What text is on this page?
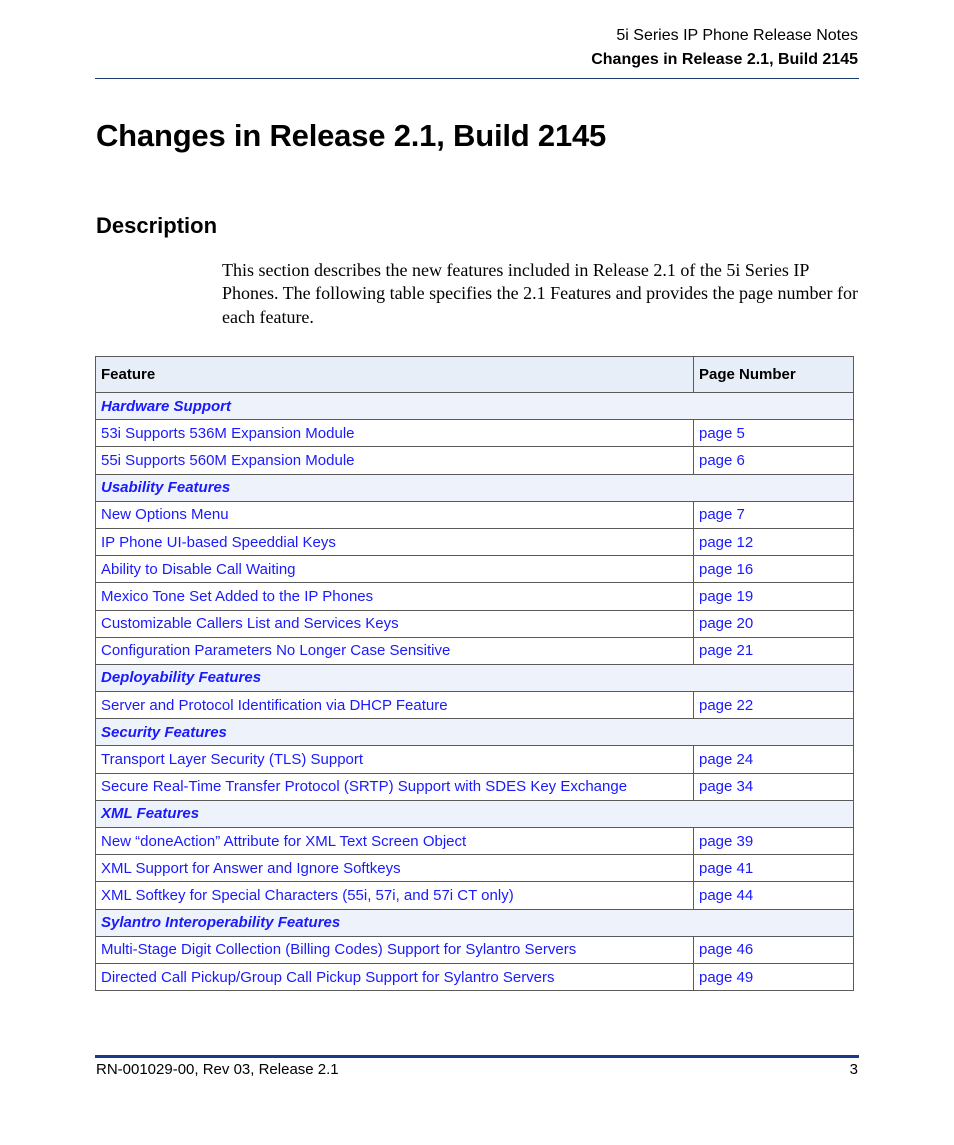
5i Series IP Phone Release Notes
Changes in Release 2.1, Build 2145
Changes in Release 2.1, Build 2145
Description

This section describes the new features included in Release 2.1 of the 5i Series IP Phones. The following table specifies the 2.1 Features and provides the page number for each feature.

Feature	Page Number
Hardware Support	
53i Supports 536M Expansion Module	page 5
55i Supports 560M Expansion Module	page 6
Usability Features	
New Options Menu	page 7
IP Phone UI-based Speeddial Keys	page 12
Ability to Disable Call Waiting	page 16
Mexico Tone Set Added to the IP Phones	page 19
Customizable Callers List and Services Keys	page 20
Configuration Parameters No Longer Case Sensitive	page 21
Deployability Features	
Server and Protocol Identification via DHCP Feature	page 22
Security Features	
Transport Layer Security (TLS) Support	page 24
Secure Real-Time Transfer Protocol (SRTP) Support with SDES Key Exchange	page 34
XML Features	
New “doneAction” Attribute for XML Text Screen Object	page 39
XML Support for Answer and Ignore Softkeys	page 41
XML Softkey for Special Characters (55i, 57i, and 57i CT only)	page 44
Sylantro Interoperability Features	
Multi-Stage Digit Collection (Billing Codes) Support for Sylantro Servers	page 46
Directed Call Pickup/Group Call Pickup Support for Sylantro Servers	page 49
RN-001029-00, Rev 03, Release 2.1	3
